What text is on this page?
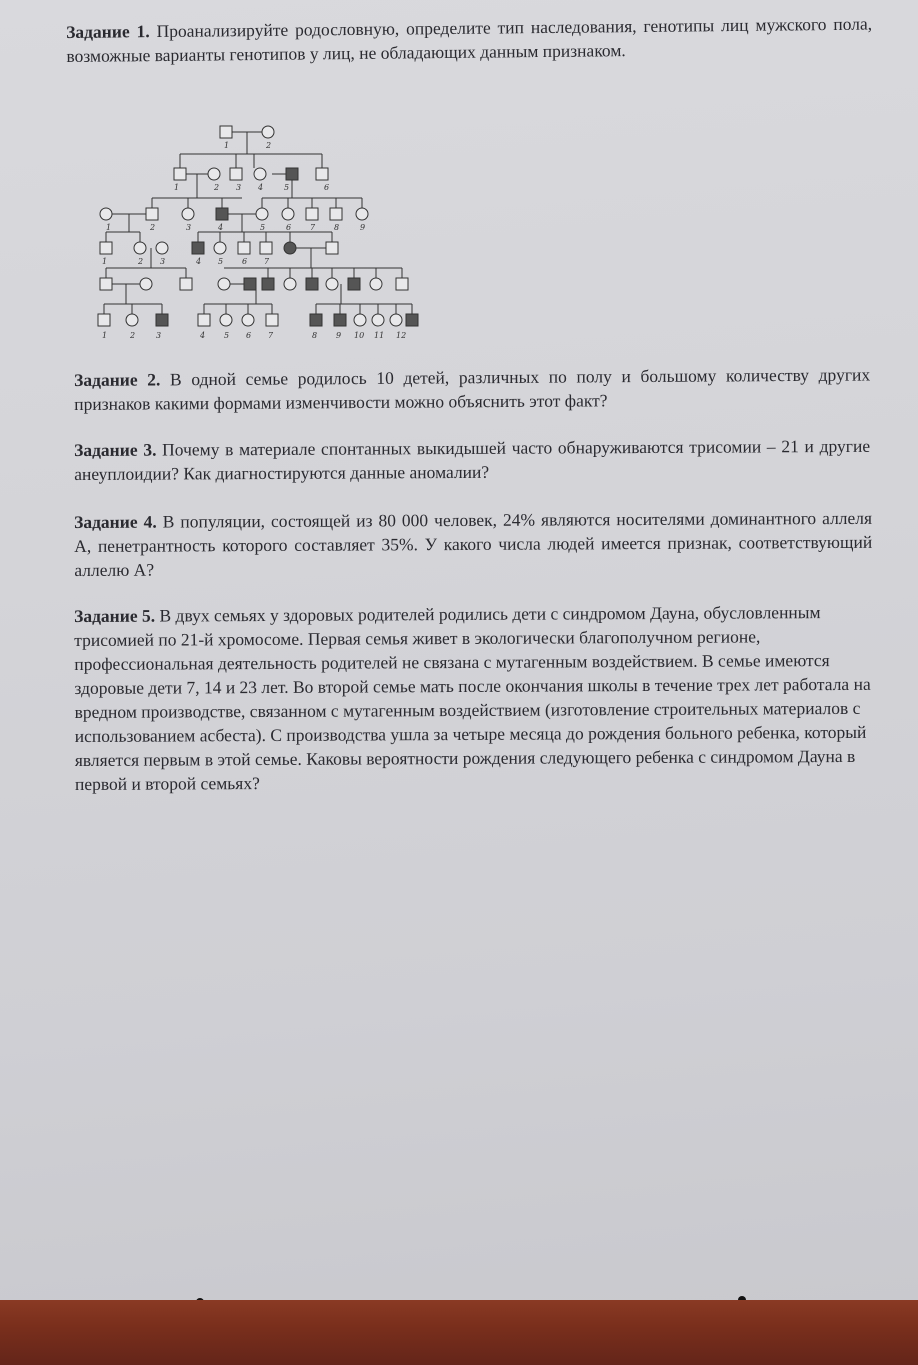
Задание 1. Проанализируйте родословную, определите тип наследования, генотипы лиц мужского пола, возможные варианты генотипов у лиц, не обладающих данным признаком.
1	2
1	2 3 4	5	6
1	2	3	4	5	6 7 8	9
1	2 3	4 5 6 7
1	2	3	4 5 6 7	8 9 10 11 12
Задание 2. В одной семье родилось 10 детей, различных по полу и большому количеству других признаков какими формами изменчивости можно объяснить этот факт?
Задание 3. Почему в материале спонтанных выкидышей часто обнаруживаются трисомии – 21 и другие анеуплоидии? Как диагностируются данные аномалии?
Задание 4. В популяции, состоящей из 80 000 человек, 24% являются носителями доминантного аллеля А, пенетрантность которого составляет 35%. У какого числа людей имеется признак, соответствующий аллелю А?
Задание 5. В двух семьях у здоровых родителей родились дети с синдромом Дауна, обусловленным трисомией по 21-й хромосоме. Первая семья живет в экологически благополучном регионе, профессиональная деятельность родителей не связана с мутагенным воздействием. В семье имеются здоровые дети 7, 14 и 23 лет. Во второй семье мать после окончания школы в течение трех лет работала на вредном производстве, связанном с мутагенным воздействием (изготовление строительных материалов с использованием асбеста). С производства ушла за четыре месяца до рождения больного ребенка, который является первым в этой семье. Каковы вероятности рождения следующего ребенка с синдромом Дауна в первой и второй семьях?
